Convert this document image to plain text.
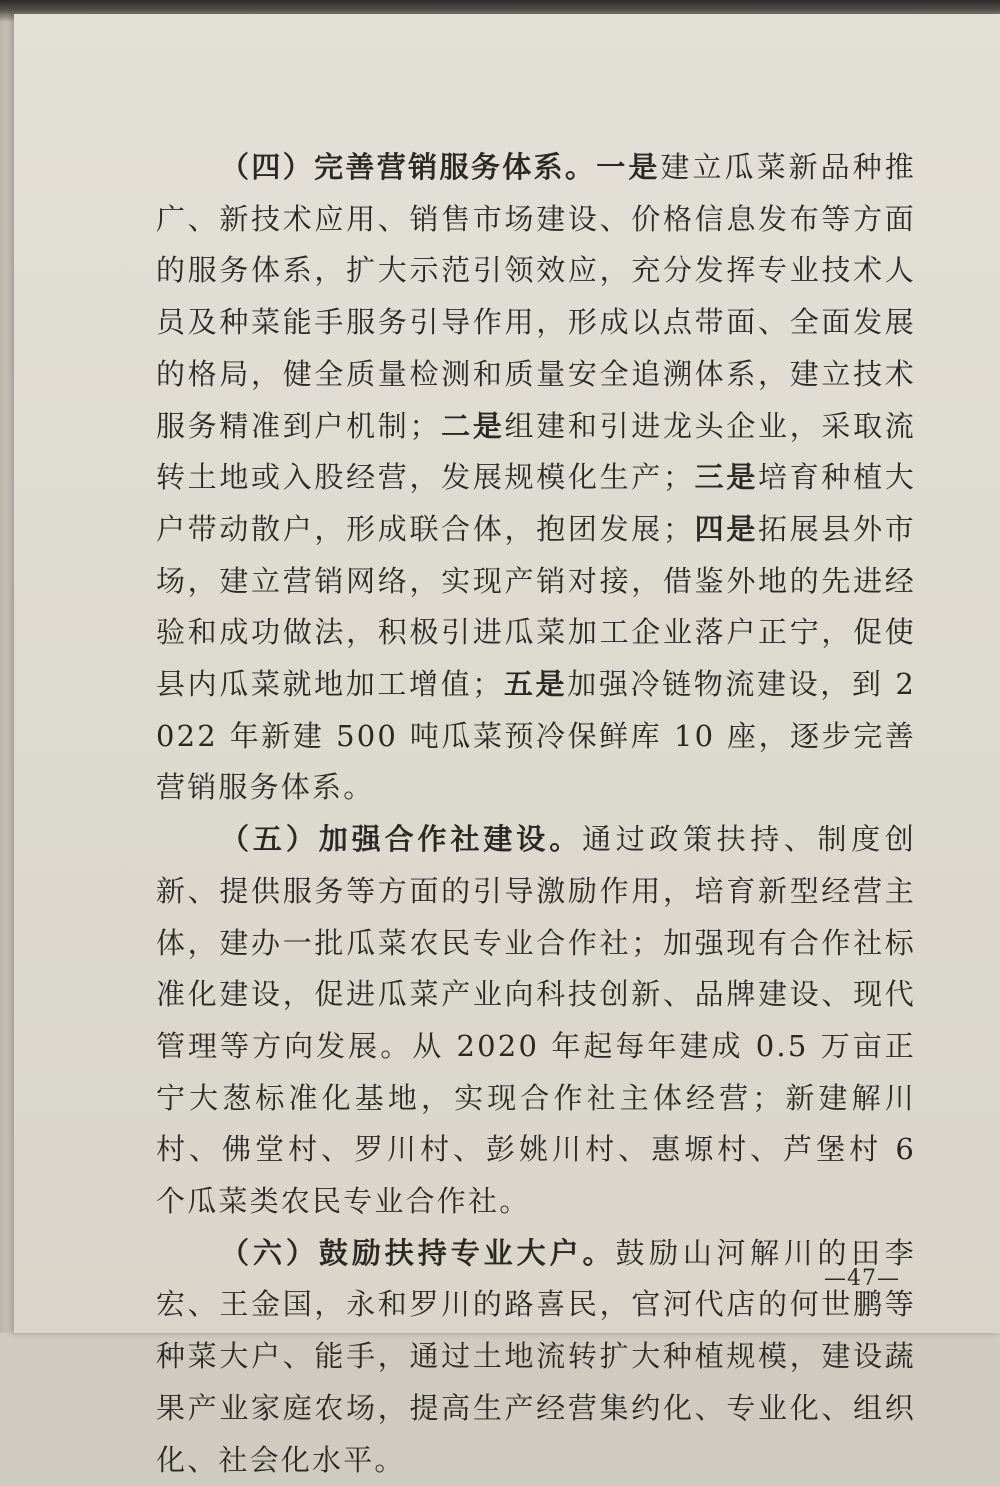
（四）完善营销服务体系。一是建立瓜菜新品种推广、新技术应用、销售市场建设、价格信息发布等方面的服务体系，扩大示范引领效应，充分发挥专业技术人员及种菜能手服务引导作用，形成以点带面、全面发展的格局，健全质量检测和质量安全追溯体系，建立技术服务精准到户机制；二是组建和引进龙头企业，采取流转土地或入股经营，发展规模化生产；三是培育种植大户带动散户，形成联合体，抱团发展；四是拓展县外市场，建立营销网络，实现产销对接，借鉴外地的先进经验和成功做法，积极引进瓜菜加工企业落户正宁，促使县内瓜菜就地加工增值；五是加强冷链物流建设，到 2022 年新建 500 吨瓜菜预冷保鲜库 10 座，逐步完善营销服务体系。

（五）加强合作社建设。通过政策扶持、制度创新、提供服务等方面的引导激励作用，培育新型经营主体，建办一批瓜菜农民专业合作社；加强现有合作社标准化建设，促进瓜菜产业向科技创新、品牌建设、现代管理等方向发展。从 2020 年起每年建成 0.5 万亩正宁大葱标准化基地，实现合作社主体经营；新建解川村、佛堂村、罗川村、彭姚川村、惠塬村、芦堡村 6 个瓜菜类农民专业合作社。

（六）鼓励扶持专业大户。鼓励山河解川的田李宏、王金国，永和罗川的路喜民，官河代店的何世鹏等种菜大户、能手，通过土地流转扩大种植规模，建设蔬果产业家庭农场，提高生产经营集约化、专业化、组织化、社会化水平。

—47—
